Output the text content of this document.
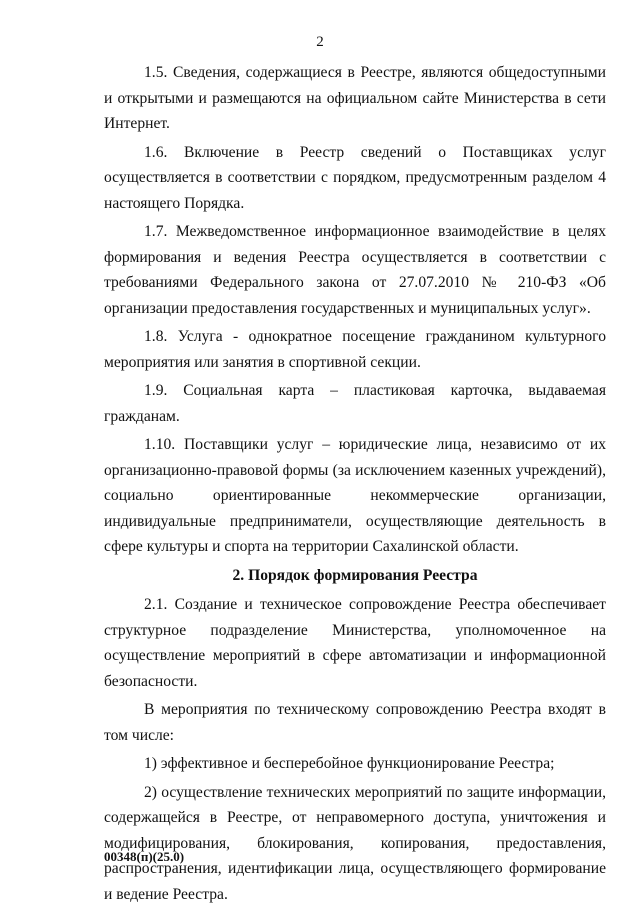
2

1.5. Сведения, содержащиеся в Реестре, являются общедоступными и открытыми и размещаются на официальном сайте Министерства в сети Интернет.

1.6. Включение в Реестр сведений о Поставщиках услуг осуществляется в соответствии с порядком, предусмотренным разделом 4 настоящего Порядка.

1.7. Межведомственное информационное взаимодействие в целях формирования и ведения Реестра осуществляется в соответствии с требованиями Федерального закона от 27.07.2010 № 210-ФЗ «Об организации предоставления государственных и муниципальных услуг».

1.8. Услуга - однократное посещение гражданином культурного мероприятия или занятия в спортивной секции.

1.9. Социальная карта – пластиковая карточка, выдаваемая гражданам.

1.10. Поставщики услуг – юридические лица, независимо от их организационно-правовой формы (за исключением казенных учреждений), социально ориентированные некоммерческие организации, индивидуальные предприниматели, осуществляющие деятельность в сфере культуры и спорта на территории Сахалинской области.

2. Порядок формирования Реестра

2.1. Создание и техническое сопровождение Реестра обеспечивает структурное подразделение Министерства, уполномоченное на осуществление мероприятий в сфере автоматизации и информационной безопасности.

В мероприятия по техническому сопровождению Реестра входят в том числе:

1) эффективное и бесперебойное функционирование Реестра;

2) осуществление технических мероприятий по защите информации, содержащейся в Реестре, от неправомерного доступа, уничтожения и модифицирования, блокирования, копирования, предоставления, распространения, идентификации лица, осуществляющего формирование и ведение Реестра.

00348(п)(25.0)
